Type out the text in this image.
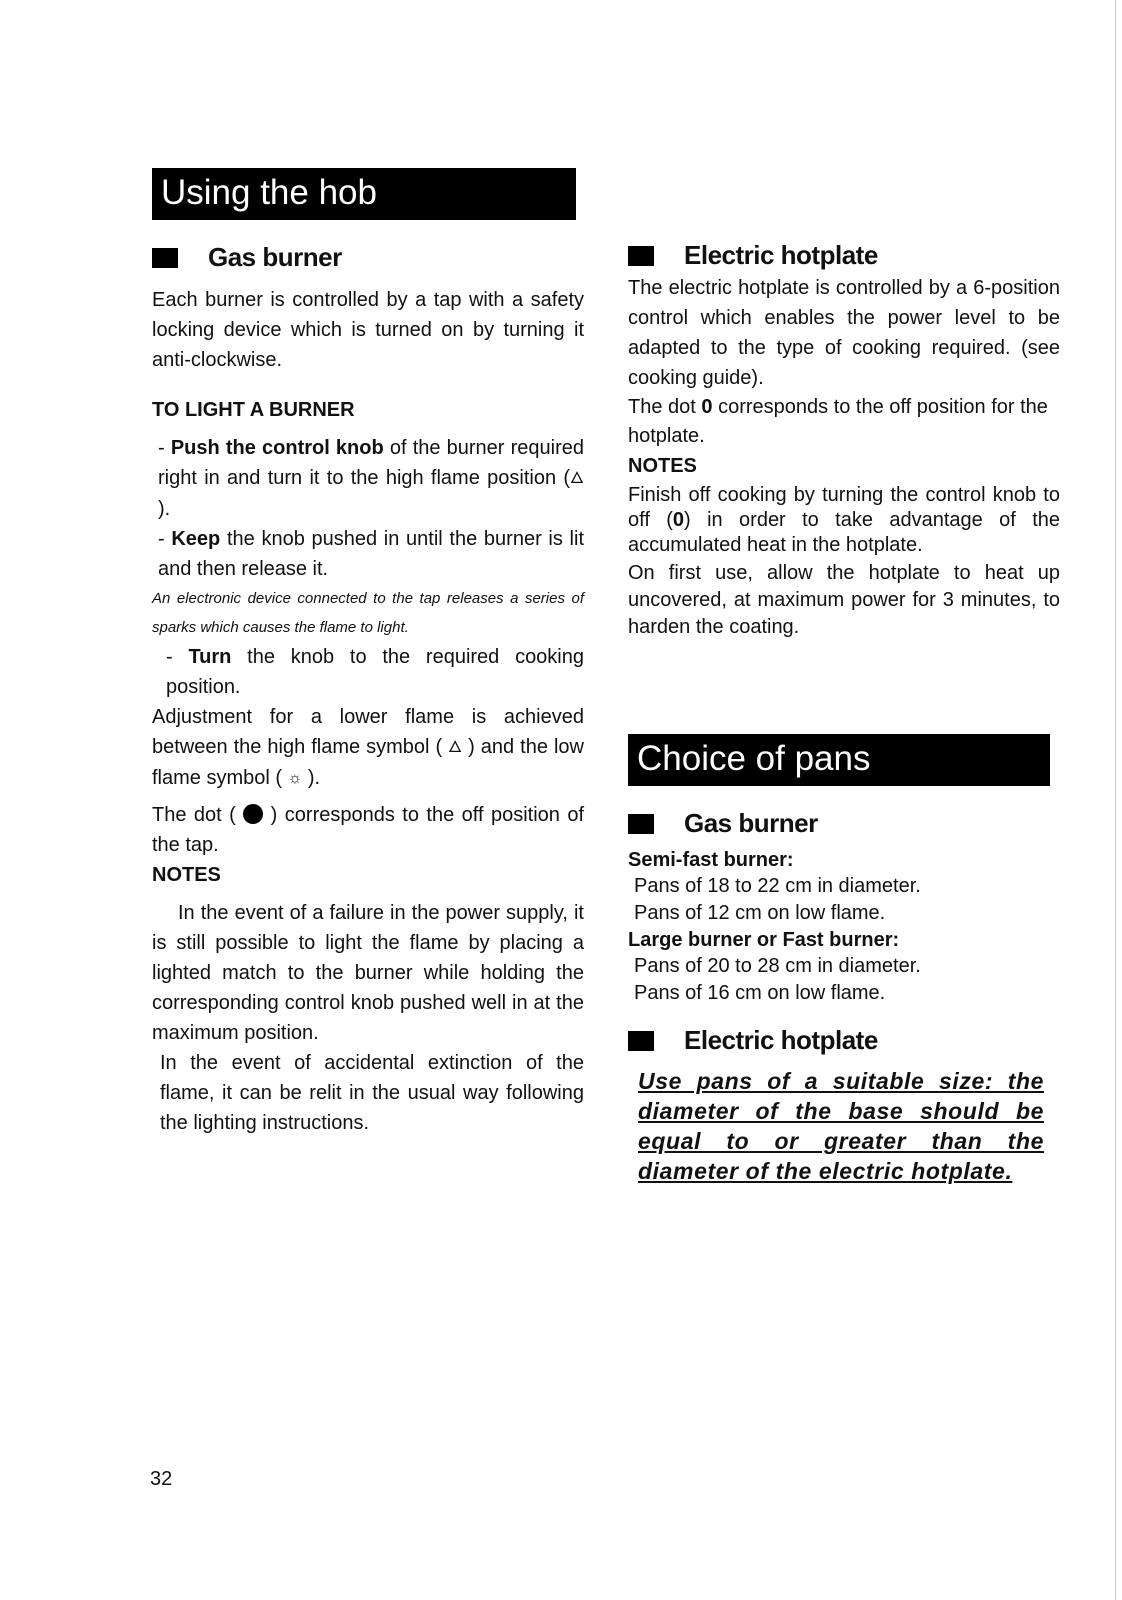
Using the hob
Gas burner

Each burner is controlled by a tap with a safety locking device which is turned on by turning it anti-clockwise.

TO LIGHT A BURNER

- Push the control knob of the burner required right in and turn it to the high flame position (🜂 ).

- Keep the knob pushed in until the burner is lit and then release it.

An electronic device connected to the tap releases a series of sparks which causes the flame to light.

- Turn the knob to the required cooking position.

Adjustment for a lower flame is achieved between the high flame symbol ( 🜂 ) and the low flame symbol ( ☼ ).

The dot (  ) corresponds to the off position of the tap.

NOTES

In the event of a failure in the power supply, it is still possible to light the flame by placing a lighted match to the burner while holding the corresponding control knob pushed well in at the maximum position.

In the event of accidental extinction of the flame, it can be relit in the usual way following the lighting instructions.

Electric hotplate

The electric hotplate is controlled by a 6-position control which enables the power level to be adapted to the type of cooking required. (see cooking guide).

The dot 0 corresponds to the off position for the hotplate.

NOTES

Finish off cooking by turning the control knob to off (0) in order to take advantage of the accumulated heat in the hotplate.

On first use, allow the hotplate to heat up uncovered, at maximum power for 3 minutes, to harden the coating.

Choice of pans
Gas burner
Semi-fast burner:

Pans of 18 to 22 cm in diameter.

Pans of 12 cm on low flame.

Large burner or Fast burner:

Pans of 20 to 28 cm in diameter.

Pans of 16 cm on low flame.

Electric hotplate

Use pans of a suitable size: the diameter of the base should be equal to or greater than the diameter of the electric hotplate.

32
